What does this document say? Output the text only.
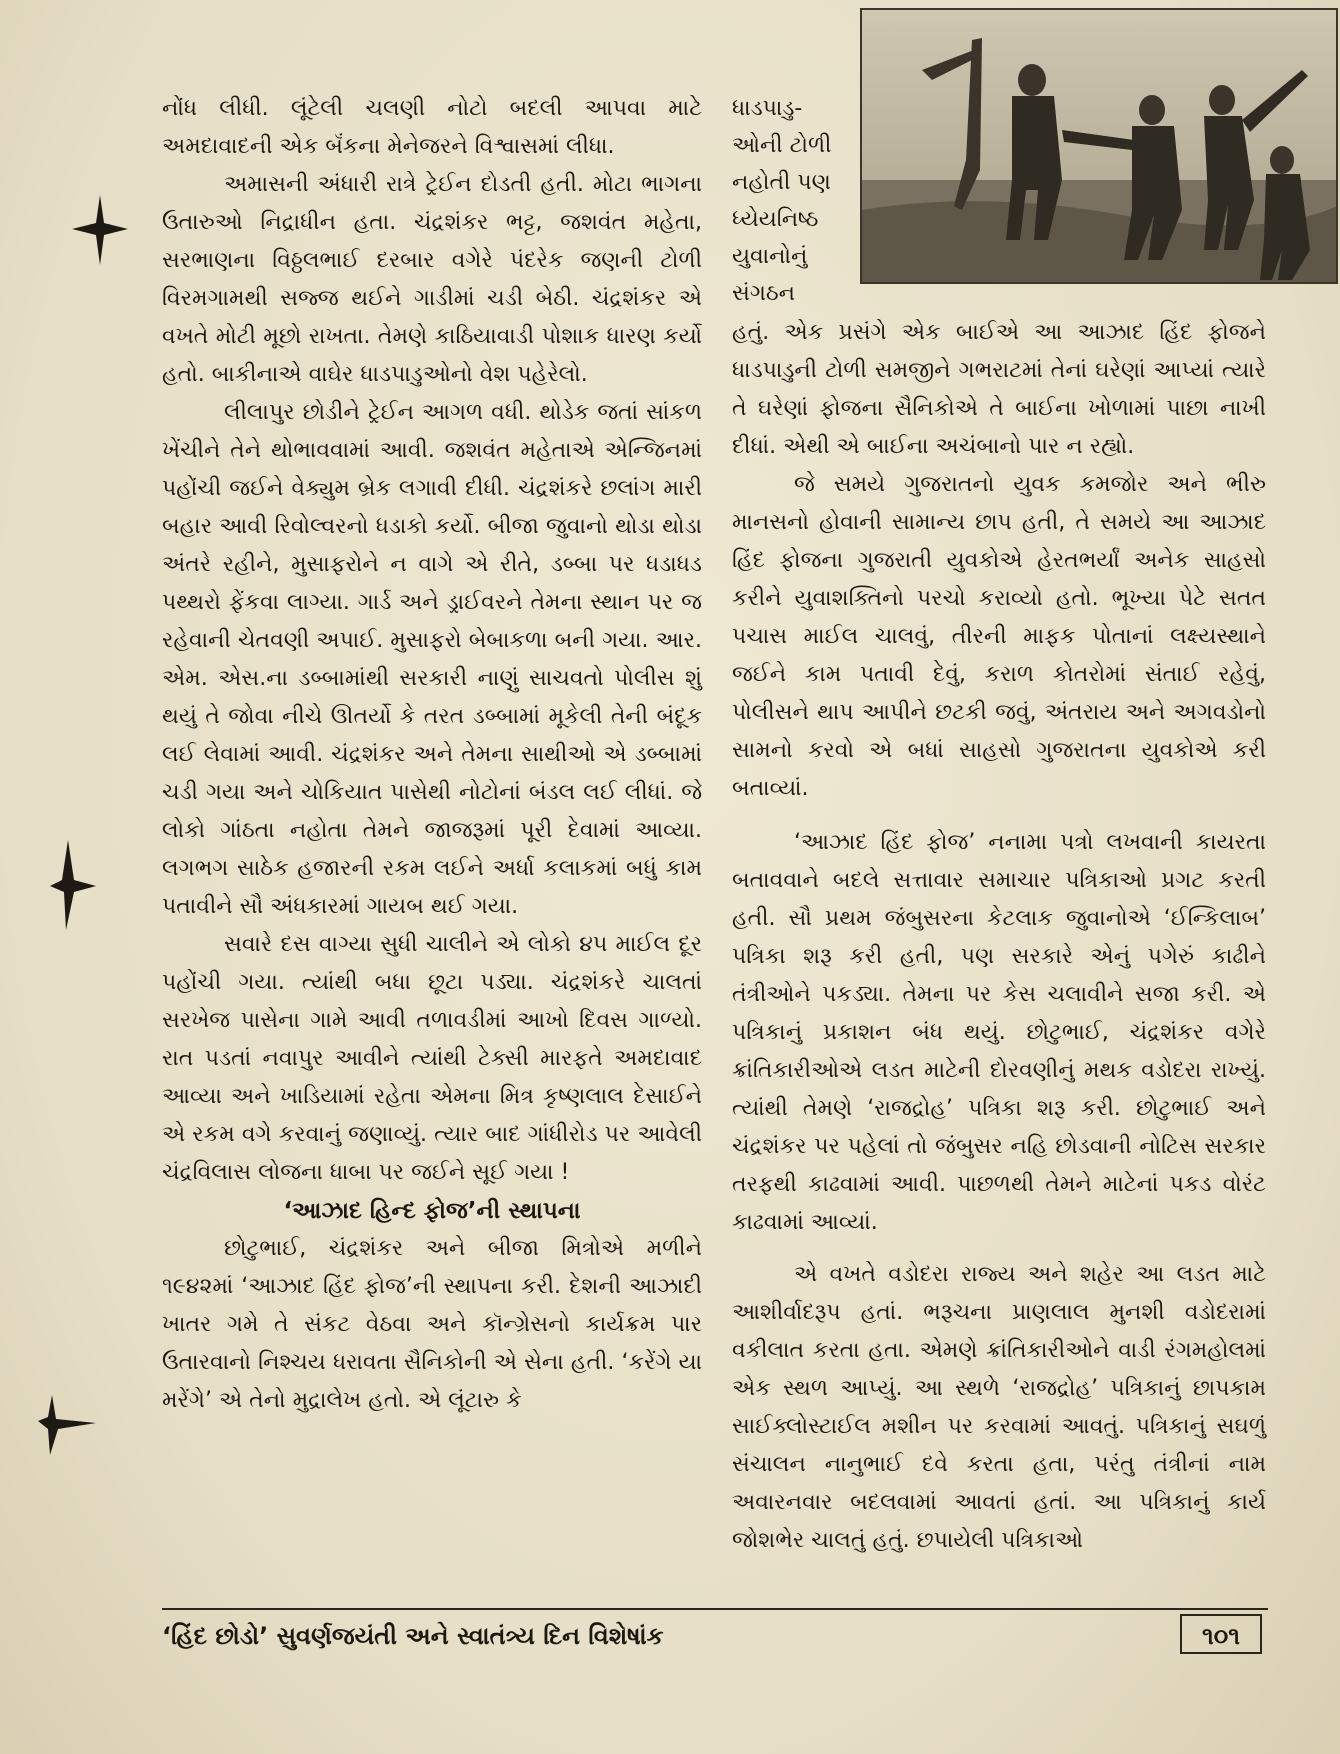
ધાડપાડુ-
ઓની ટોળી
નહોતી પણ
ધ્યેયનિષ્ઠ
યુવાનોનું
સંગઠન

નોંધ લીધી. લૂંટેલી ચલણી નોટો બદલી આપવા માટે અમદાવાદની એક બૅંકના મેનેજરને વિશ્વાસમાં લીધા.

અમાસની અંધારી રાત્રે ટ્રેઈન દોડતી હતી. મોટા ભાગના ઉતારુઓ નિદ્રાધીન હતા. ચંદ્રશંકર ભટ્ટ, જશવંત મહેતા, સરભાણના વિઠ્ઠલભાઈ દરબાર વગેરે પંદરેક જણની ટોળી વિરમગામથી સજ્જ થઈને ગાડીમાં ચડી બેઠી. ચંદ્રશંકર એ વખતે મોટી મૂછો રાખતા. તેમણે કાઠિયાવાડી પોશાક ધારણ કર્યો હતો. બાકીનાએ વાઘેર ધાડપાડુઓનો વેશ પહેરેલો.

લીલાપુર છોડીને ટ્રેઈન આગળ વધી. થોડેક જતાં સાંકળ ખેંચીને તેને થોભાવવામાં આવી. જશવંત મહેતાએ એન્જિનમાં પહોંચી જઈને વેક્યુમ બ્રેક લગાવી દીધી. ચંદ્રશંકરે છલાંગ મારી બહાર આવી રિવોલ્વરનો ધડાકો કર્યો. બીજા જુવાનો થોડા થોડા અંતરે રહીને, મુસાફરોને ન વાગે એ રીતે, ડબ્બા પર ધડાધડ પથ્થરો ફેંકવા લાગ્યા. ગાર્ડ અને ડ્રાઈવરને તેમના સ્થાન પર જ રહેવાની ચેતવણી અપાઈ. મુસાફરો બેબાકળા બની ગયા. આર. એમ. એસ.ના ડબ્બામાંથી સરકારી નાણું સાચવતો પોલીસ શું થયું તે જોવા નીચે ઊતર્યો કે તરત ડબ્બામાં મૂકેલી તેની બંદૂક લઈ લેવામાં આવી. ચંદ્રશંકર અને તેમના સાથીઓ એ ડબ્બામાં ચડી ગયા અને ચોકિયાત પાસેથી નોટોનાં બંડલ લઈ લીધાં. જે લોકો ગાંઠતા નહોતા તેમને જાજરૂમાં પૂરી દેવામાં આવ્યા. લગભગ સાઠેક હજારની રકમ લઈને અર્ધા કલાકમાં બધું કામ પતાવીને સૌ અંધકારમાં ગાયબ થઈ ગયા.

સવારે દસ વાગ્યા સુધી ચાલીને એ લોકો ૪૫ માઈલ દૂર પહોંચી ગયા. ત્યાંથી બધા છૂટા પડ્યા. ચંદ્રશંકરે ચાલતાં સરખેજ પાસેના ગામે આવી તળાવડીમાં આખો દિવસ ગાળ્યો. રાત પડતાં નવાપુર આવીને ત્યાંથી ટેક્સી મારફતે અમદાવાદ આવ્યા અને ખાડિયામાં રહેતા એમના મિત્ર કૃષ્ણલાલ દેસાઈને એ રકમ વગે કરવાનું જણાવ્યું. ત્યાર બાદ ગાંધીરોડ પર આવેલી ચંદ્રવિલાસ લોજના ધાબા પર જઈને સૂઈ ગયા !

‘આઝાદ હિન્દ ફોજ’ની સ્થાપના

છોટુભાઈ, ચંદ્રશંકર અને બીજા મિત્રોએ મળીને ૧૯૪૨માં ‘આઝાદ હિંદ ફોજ’ની સ્થાપના કરી. દેશની આઝાદી ખાતર ગમે તે સંકટ વેઠવા અને કૉન્ગ્રેસનો કાર્યક્રમ પાર ઉતારવાનો નિશ્ચય ધરાવતા સૈનિકોની એ સેના હતી. ‘કરેંગે યા મરેંગે’ એ તેનો મુદ્રાલેખ હતો. એ લૂંટારુ કે

હતું. એક પ્રસંગે એક બાઈએ આ આઝાદ હિંદ ફોજને ધાડપાડુની ટોળી સમજીને ગભરાટમાં તેનાં ઘરેણાં આપ્યાં ત્યારે તે ઘરેણાં ફોજના સૈનિકોએ તે બાઈના ખોળામાં પાછા નાખી દીધાં. એથી એ બાઈના અચંબાનો પાર ન રહ્યો.

જે સમયે ગુજરાતનો યુવક કમજોર અને ભીરુ માનસનો હોવાની સામાન્ય છાપ હતી, તે સમયે આ આઝાદ હિંદ ફોજના ગુજરાતી યુવકોએ હેરતભર્યાં અનેક સાહસો કરીને યુવાશક્તિનો પરચો કરાવ્યો હતો. ભૂખ્યા પેટે સતત પચાસ માઈલ ચાલવું, તીરની માફક પોતાનાં લક્ષ્યસ્થાને જઈને કામ પતાવી દેવું, કરાળ કોતરોમાં સંતાઈ રહેવું, પોલીસને થાપ આપીને છટકી જવું, અંતરાય અને અગવડોનો સામનો કરવો એ બધાં સાહસો ગુજરાતના યુવકોએ કરી બતાવ્યાં.

‘આઝાદ હિંદ ફોજ’ નનામા પત્રો લખવાની કાયરતા બતાવવાને બદલે સત્તાવાર સમાચાર પત્રિકાઓ પ્રગટ કરતી હતી. સૌ પ્રથમ જંબુસરના કેટલાક જુવાનોએ ‘ઈન્કિલાબ’ પત્રિકા શરૂ કરી હતી, પણ સરકારે એનું પગેરું કાઢીને તંત્રીઓને પકડ્યા. તેમના પર કેસ ચલાવીને સજા કરી. એ પત્રિકાનું પ્રકાશન બંધ થયું. છોટુભાઈ, ચંદ્રશંકર વગેરે ક્રાંતિકારીઓએ લડત માટેની દોરવણીનું મથક વડોદરા રાખ્યું. ત્યાંથી તેમણે ‘રાજદ્રોહ’ પત્રિકા શરૂ કરી. છોટુભાઈ અને ચંદ્રશંકર પર પહેલાં તો જંબુસર નહિ છોડવાની નોટિસ સરકાર તરફથી કાઢવામાં આવી. પાછળથી તેમને માટેનાં પકડ વોરંટ કાઢવામાં આવ્યાં.

એ વખતે વડોદરા રાજ્ય અને શહેર આ લડત માટે આશીર્વાદરૂપ હતાં. ભરૂચના પ્રાણલાલ મુનશી વડોદરામાં વકીલાત કરતા હતા. એમણે ક્રાંતિકારીઓને વાડી રંગમહોલમાં એક સ્થળ આપ્યું. આ સ્થળે ‘રાજદ્રોહ’ પત્રિકાનું છાપકામ સાઈક્લોસ્ટાઈલ મશીન પર કરવામાં આવતું. પત્રિકાનું સઘળું સંચાલન નાનુભાઈ દવે કરતા હતા, પરંતુ તંત્રીનાં નામ અવારનવાર બદલવામાં આવતાં હતાં. આ પત્રિકાનું કાર્ય જોશભેર ચાલતું હતું. છપાયેલી પત્રિકાઓ

‘હિંદ છોડો’ સુવર્ણજયંતી અને સ્વાતંત્ર્ય દિન વિશેષાંક	૧૦૧
